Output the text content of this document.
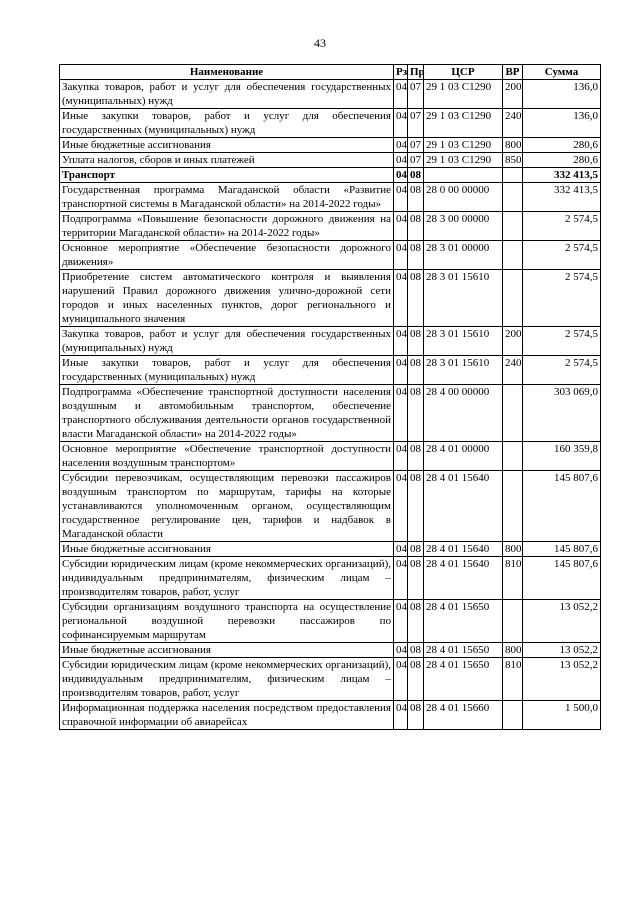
43
Наименование	Рз	Пр	ЦСР	ВР	Сумма
Закупка товаров, работ и услуг для обеспечения государственных (муниципальных) нужд	04	07	29 1 03 С1290	200	136,0
Иные закупки товаров, работ и услуг для обеспечения государственных (муниципальных) нужд	04	07	29 1 03 С1290	240	136,0
Иные бюджетные ассигнования	04	07	29 1 03 С1290	800	280,6
Уплата налогов, сборов и иных платежей	04	07	29 1 03 С1290	850	280,6
Транспорт	04	08			332 413,5
Государственная программа Магаданской области «Развитие транспортной системы в Магаданской области» на 2014-2022 годы»	04	08	28 0 00 00000		332 413,5
Подпрограмма «Повышение безопасности дорожного движения на территории Магаданской области» на 2014-2022 годы»	04	08	28 3 00 00000		2 574,5
Основное мероприятие «Обеспечение безопасности дорожного движения»	04	08	28 3 01 00000		2 574,5
Приобретение систем автоматического контроля и выявления нарушений Правил дорожного движения улично-дорожной сети городов и иных населенных пунктов, дорог регионального и муниципального значения	04	08	28 3 01 15610		2 574,5
Закупка товаров, работ и услуг для обеспечения государственных (муниципальных) нужд	04	08	28 3 01 15610	200	2 574,5
Иные закупки товаров, работ и услуг для обеспечения государственных (муниципальных) нужд	04	08	28 3 01 15610	240	2 574,5
Подпрограмма «Обеспечение транспортной доступности населения воздушным и автомобильным транспортом, обеспечение транспортного обслуживания деятельности органов государственной власти Магаданской области» на 2014-2022 годы»	04	08	28 4 00 00000		303 069,0
Основное мероприятие «Обеспечение транспортной доступности населения воздушным транспортом»	04	08	28 4 01 00000		160 359,8
Субсидии перевозчикам, осуществляющим перевозки пассажиров воздушным транспортом по маршрутам, тарифы на которые устанавливаются уполномоченным органом, осуществляющим государственное регулирование цен, тарифов и надбавок в Магаданской области	04	08	28 4 01 15640		145 807,6
Иные бюджетные ассигнования	04	08	28 4 01 15640	800	145 807,6
Субсидии юридическим лицам (кроме некоммерческих организаций), индивидуальным предпринимателям, физическим лицам – производителям товаров, работ, услуг	04	08	28 4 01 15640	810	145 807,6
Субсидии организациям воздушного транспорта на осуществление региональной воздушной перевозки пассажиров по софинансируемым маршрутам	04	08	28 4 01 15650		13 052,2
Иные бюджетные ассигнования	04	08	28 4 01 15650	800	13 052,2
Субсидии юридическим лицам (кроме некоммерческих организаций), индивидуальным предпринимателям, физическим лицам – производителям товаров, работ, услуг	04	08	28 4 01 15650	810	13 052,2
Информационная поддержка населения посредством предоставления справочной информации об авиарейсах	04	08	28 4 01 15660		1 500,0
